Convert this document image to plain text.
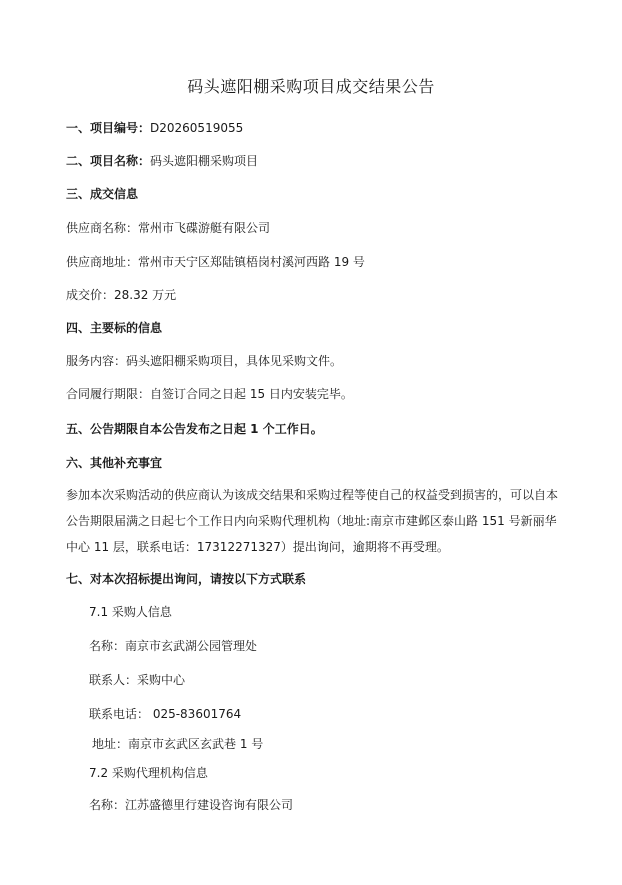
码头遮阳棚采购项目成交结果公告
一、项目编号：D20260519055
二、项目名称：码头遮阳棚采购项目
三、成交信息
供应商名称：常州市飞碟游艇有限公司
供应商地址：常州市天宁区郑陆镇梧岗村溪河西路 19 号
成交价：28.32 万元
四、主要标的信息
服务内容：码头遮阳棚采购项目，具体见采购文件。
合同履行期限：自签订合同之日起 15 日内安装完毕。
五、公告期限自本公告发布之日起 1 个工作日。
六、其他补充事宜
参加本次采购活动的供应商认为该成交结果和采购过程等使自己的权益受到损害的，可以自本公告期限届满之日起七个工作日内向采购代理机构（地址:南京市建邺区泰山路 151 号新丽华中心 11 层，联系电话：17312271327）提出询问，逾期将不再受理。
七、对本次招标提出询问，请按以下方式联系
7.1 采购人信息
名称：南京市玄武湖公园管理处
联系人：采购中心
联系电话： 025-83601764
地址：南京市玄武区玄武巷 1 号
7.2 采购代理机构信息
名称：江苏盛德里行建设咨询有限公司
